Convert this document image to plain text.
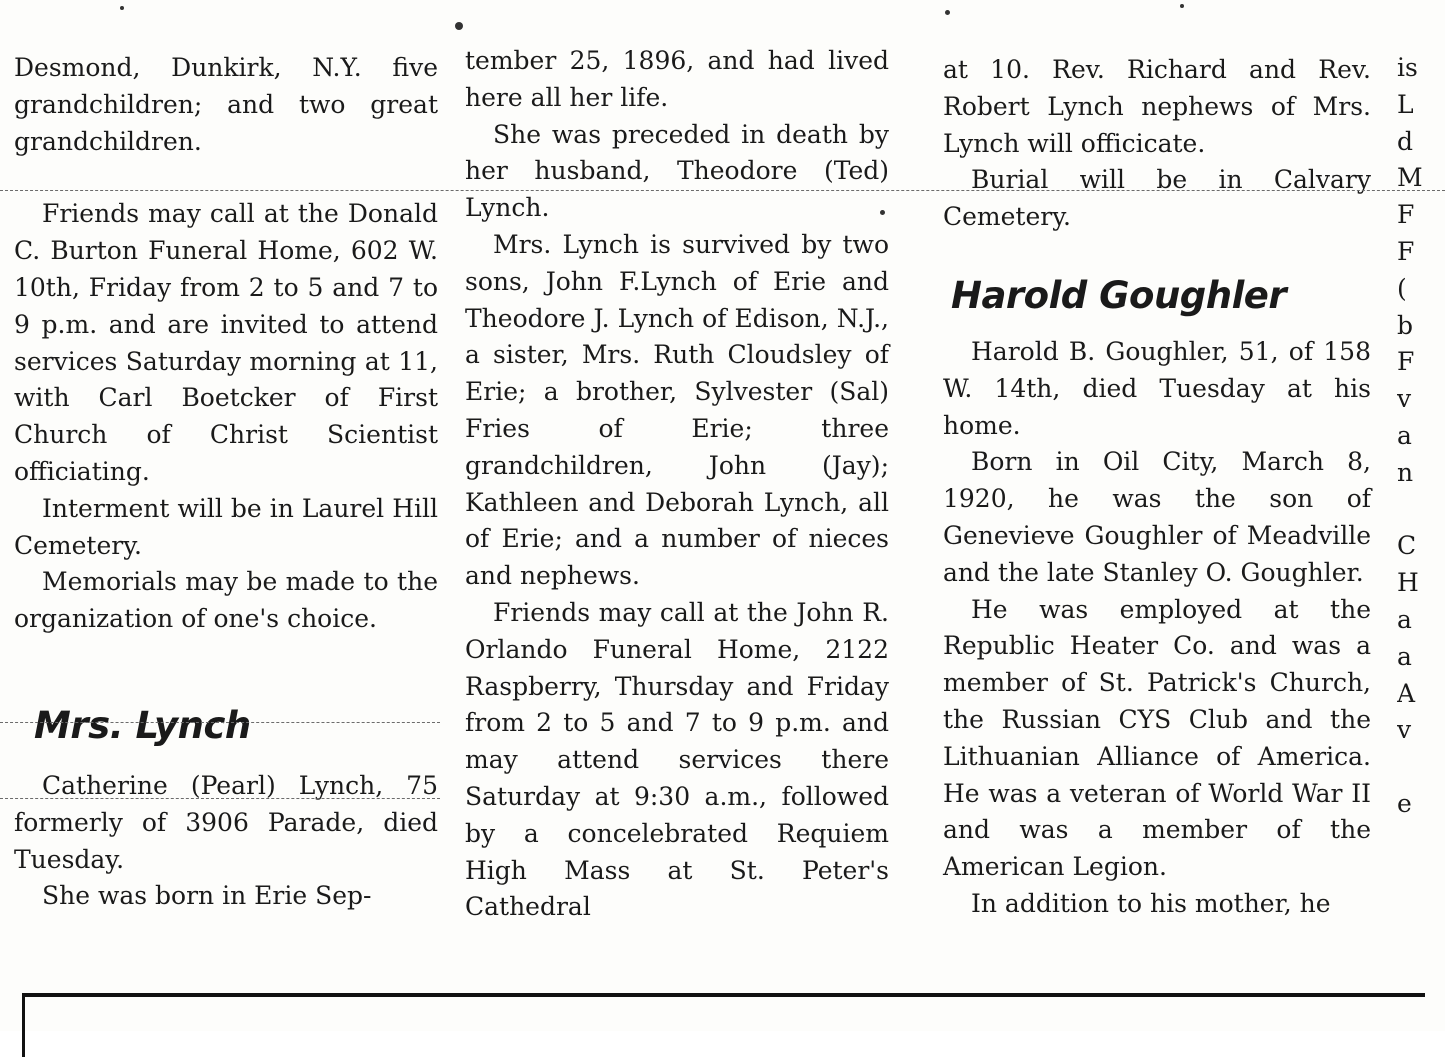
Desmond, Dunkirk, N.Y. five grandchildren; and two great grandchildren.

Friends may call at the Donald C. Burton Funeral Home, 602 W. 10th, Friday from 2 to 5 and 7 to 9 p.m. and are invited to attend services Saturday morning at 11, with Carl Boetcker of First Church of Christ Scientist officiating.

Interment will be in Laurel Hill Cemetery.

Memorials may be made to the organization of one's choice.

Mrs. Lynch

Catherine (Pearl) Lynch, 75 formerly of 3906 Parade, died Tuesday.

She was born in Erie Sep-

tember 25, 1896, and had lived here all her life.

She was preceded in death by her husband, Theodore (Ted) Lynch.

Mrs. Lynch is survived by two sons, John F.Lynch of Erie and Theodore J. Lynch of Edison, N.J., a sister, Mrs. Ruth Cloudsley of Erie; a brother, Sylvester (Sal) Fries of Erie; three grandchildren, John (Jay); Kathleen and Deborah Lynch, all of Erie; and a number of nieces and nephews.

Friends may call at the John R. Orlando Funeral Home, 2122 Raspberry, Thursday and Friday from 2 to 5 and 7 to 9 p.m. and may attend services there Saturday at 9:30 a.m., followed by a concelebrated Requiem High Mass at St. Peter's Cathedral

at 10. Rev. Richard and Rev. Robert Lynch nephews of Mrs. Lynch will officicate.

Burial will be in Calvary Cemetery.

Harold Goughler

Harold B. Goughler, 51, of 158 W. 14th, died Tuesday at his home.

Born in Oil City, March 8, 1920, he was the son of Genevieve Goughler of Meadville and the late Stanley O. Goughler.

He was employed at the Republic Heater Co. and was a member of St. Patrick's Church, the Russian CYS Club and the Lithuanian Alliance of America. He was a veteran of World War II and was a member of the American Legion.

In addition to his mother, he

is
L
d
M
F
F
(
b
F
v
a
n
C
H
a
a
A
v
e
